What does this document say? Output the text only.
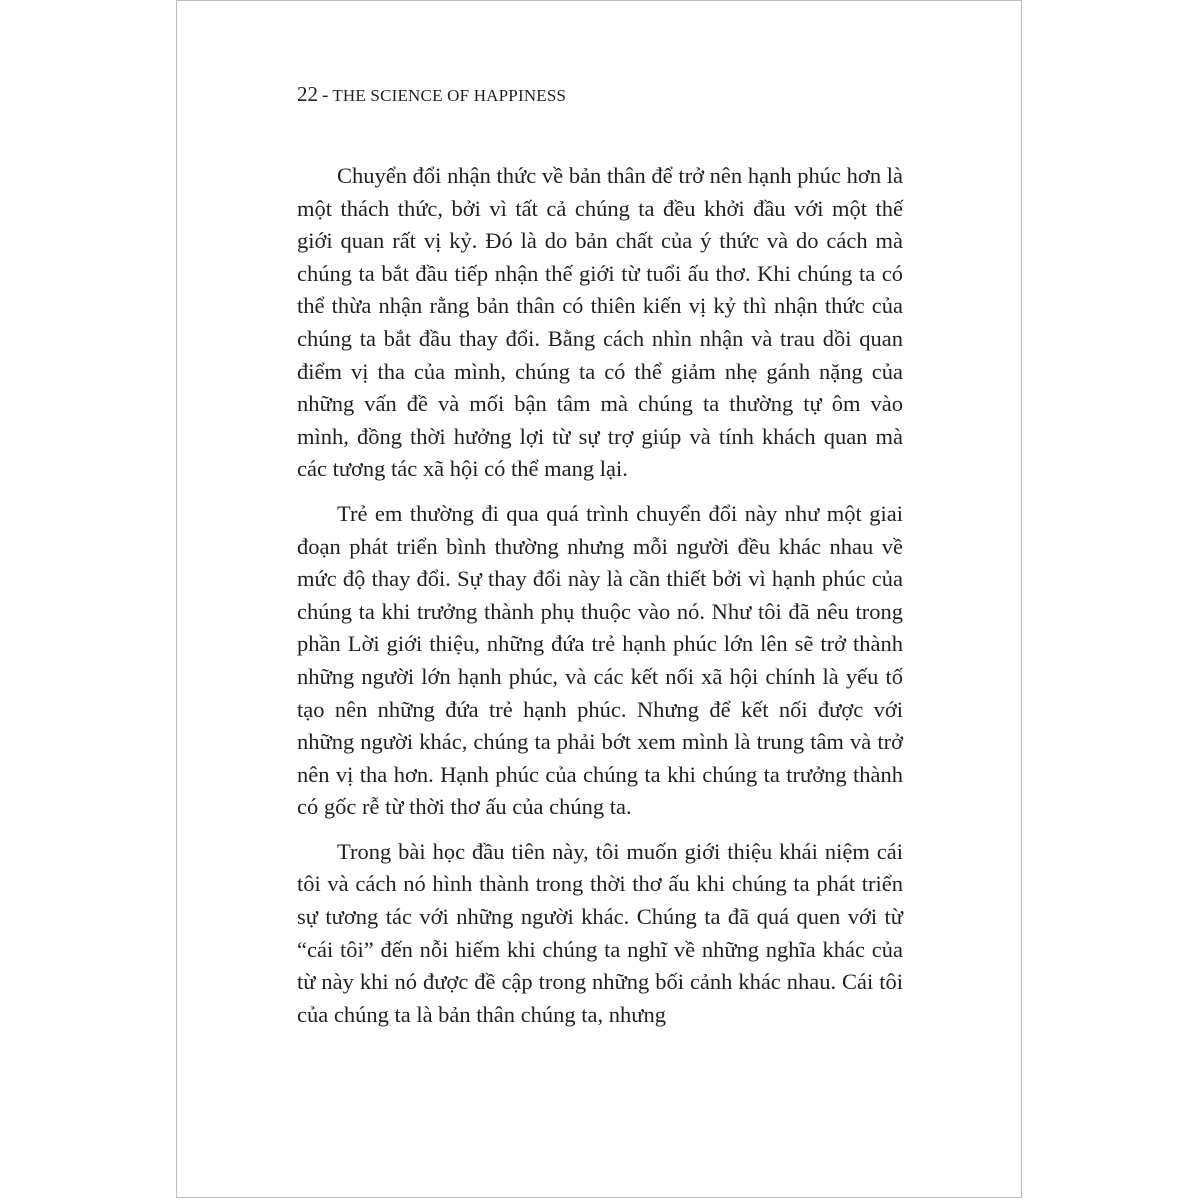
22 - THE SCIENCE OF HAPPINESS

Chuyển đổi nhận thức về bản thân để trở nên hạnh phúc hơn là một thách thức, bởi vì tất cả chúng ta đều khởi đầu với một thế giới quan rất vị kỷ. Đó là do bản chất của ý thức và do cách mà chúng ta bắt đầu tiếp nhận thế giới từ tuổi ấu thơ. Khi chúng ta có thể thừa nhận rằng bản thân có thiên kiến vị kỷ thì nhận thức của chúng ta bắt đầu thay đổi. Bằng cách nhìn nhận và trau dồi quan điểm vị tha của mình, chúng ta có thể giảm nhẹ gánh nặng của những vấn đề và mối bận tâm mà chúng ta thường tự ôm vào mình, đồng thời hưởng lợi từ sự trợ giúp và tính khách quan mà các tương tác xã hội có thể mang lại.

Trẻ em thường đi qua quá trình chuyển đổi này như một giai đoạn phát triển bình thường nhưng mỗi người đều khác nhau về mức độ thay đổi. Sự thay đổi này là cần thiết bởi vì hạnh phúc của chúng ta khi trưởng thành phụ thuộc vào nó. Như tôi đã nêu trong phần Lời giới thiệu, những đứa trẻ hạnh phúc lớn lên sẽ trở thành những người lớn hạnh phúc, và các kết nối xã hội chính là yếu tố tạo nên những đứa trẻ hạnh phúc. Nhưng để kết nối được với những người khác, chúng ta phải bớt xem mình là trung tâm và trở nên vị tha hơn. Hạnh phúc của chúng ta khi chúng ta trưởng thành có gốc rễ từ thời thơ ấu của chúng ta.

Trong bài học đầu tiên này, tôi muốn giới thiệu khái niệm cái tôi và cách nó hình thành trong thời thơ ấu khi chúng ta phát triển sự tương tác với những người khác. Chúng ta đã quá quen với từ “cái tôi” đến nỗi hiếm khi chúng ta nghĩ về những nghĩa khác của từ này khi nó được đề cập trong những bối cảnh khác nhau. Cái tôi của chúng ta là bản thân chúng ta, nhưng
